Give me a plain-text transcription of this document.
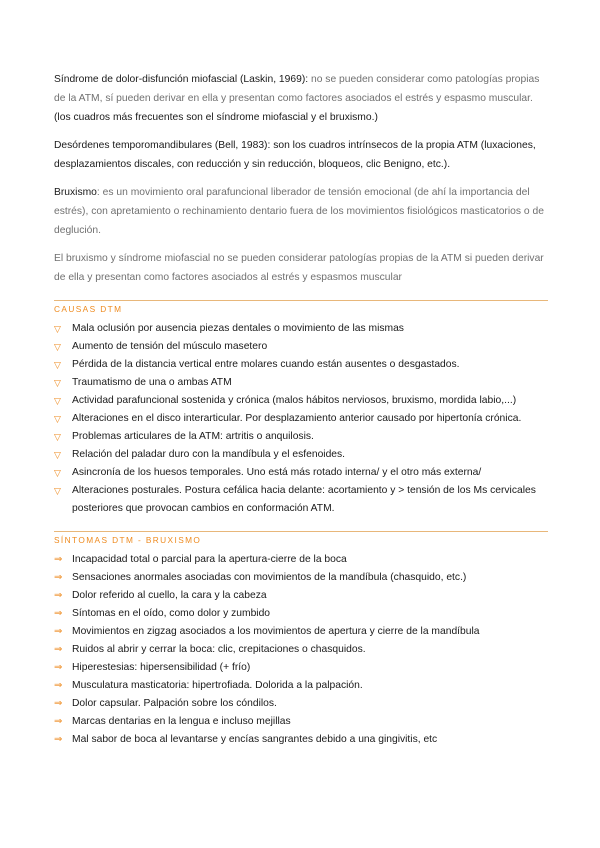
Síndrome de dolor-disfunción miofascial (Laskin, 1969): no se pueden considerar como patologías propias de la ATM, sí pueden derivar en ella y presentan como factores asociados el estrés y espasmo muscular. (los cuadros más frecuentes son el síndrome miofascial y el bruxismo.)

Desórdenes temporomandibulares (Bell, 1983): son los cuadros intrínsecos de la propia ATM (luxaciones, desplazamientos discales, con reducción y sin reducción, bloqueos, clic Benigno, etc.).

Bruxismo: es un movimiento oral parafuncional liberador de tensión emocional (de ahí la importancia del estrés), con apretamiento o rechinamiento dentario fuera de los movimientos fisiológicos masticatorios o de deglución.

El bruxismo y síndrome miofascial no se pueden considerar patologías propias de la ATM si pueden derivar de ella y presentan como factores asociados al estrés y espasmos muscular

CAUSAS DTM
▽ Mala oclusión por ausencia piezas dentales o movimiento de las mismas
▽ Aumento de tensión del músculo masetero
▽ Pérdida de la distancia vertical entre molares cuando están ausentes o desgastados.
▽ Traumatismo de una o ambas ATM
▽ Actividad parafuncional sostenida y crónica (malos hábitos nerviosos, bruxismo, mordida labio,...)
▽ Alteraciones en el disco interarticular. Por desplazamiento anterior causado por hipertonía crónica.
▽ Problemas articulares de la ATM: artritis o anquilosis.
▽ Relación del paladar duro con la mandíbula y el esfenoides.
▽ Asincronía de los huesos temporales. Uno está más rotado interna/ y el otro más externa/
▽ Alteraciones posturales. Postura cefálica hacia delante: acortamiento y > tensión de los Ms cervicales posteriores que provocan cambios en conformación ATM.
SÍNTOMAS DTM - BRUXISMO
⇒ Incapacidad total o parcial para la apertura-cierre de la boca
⇒ Sensaciones anormales asociadas con movimientos de la mandíbula (chasquido, etc.)
⇒ Dolor referido al cuello, la cara y la cabeza
⇒ Síntomas en el oído, como dolor y zumbido
⇒ Movimientos en zigzag asociados a los movimientos de apertura y cierre de la mandíbula
⇒ Ruidos al abrir y cerrar la boca: clic, crepitaciones o chasquidos.
⇒ Hiperestesias: hipersensibilidad (+ frío)
⇒ Musculatura masticatoria: hipertrofiada. Dolorida a la palpación.
⇒ Dolor capsular. Palpación sobre los cóndilos.
⇒ Marcas dentarias en la lengua e incluso mejillas
⇒ Mal sabor de boca al levantarse y encías sangrantes debido a una gingivitis, etc
